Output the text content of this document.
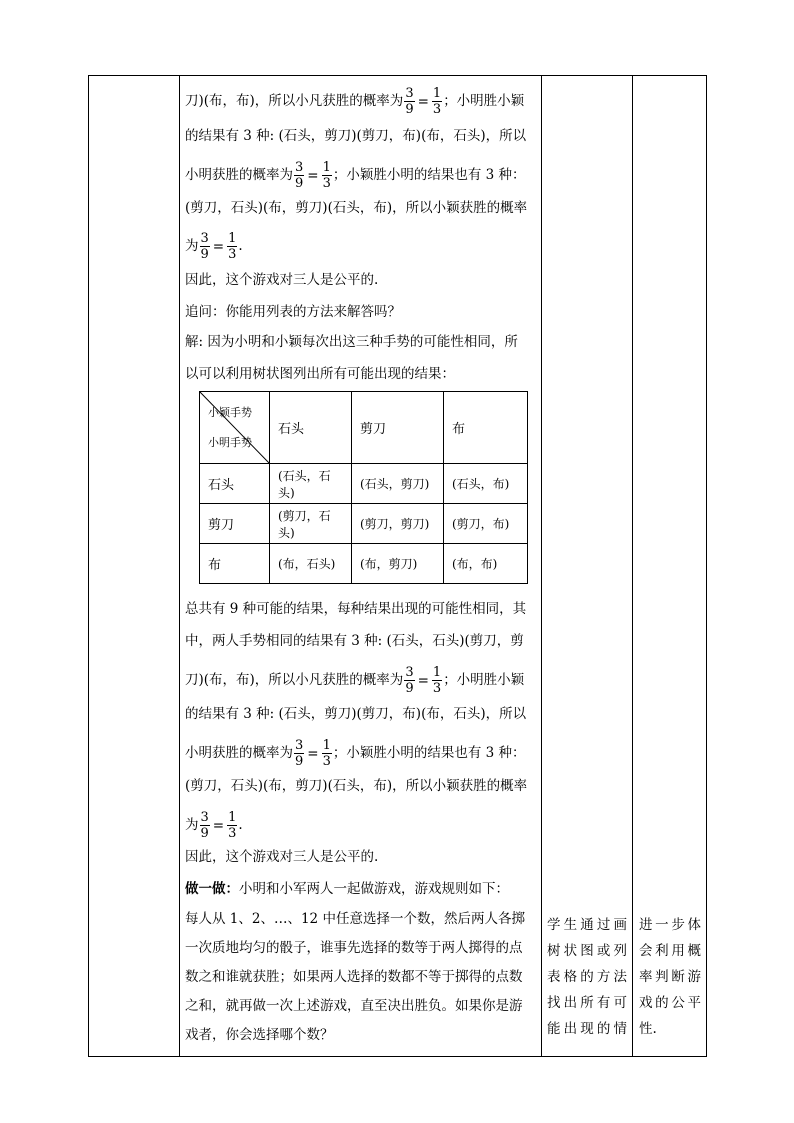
刀)(布，布)，所以小凡获胜的概率为 $\frac{3}{9} = \frac{1}{3}$ ；小明胜小颖
的结果有 3 种: (石头，剪刀)(剪刀，布)(布，石头)，所以
小明获胜的概率为 $\frac{3}{9} = \frac{1}{3}$ ；小颖胜小明的结果也有 3 种：
(剪刀，石头)(布，剪刀)(石头，布)，所以小颖获胜的概率
为 $\frac{3}{9} = \frac{1}{3}$ .
因此，这个游戏对三人是公平的.
追问：你能用列表的方法来解答吗？
解: 因为小明和小颖每次出这三种手势的可能性相同，所
以可以利用树状图列出所有可能出现的结果：
小颖手势
小明手势	石头	剪刀	布
石头	(石头，石头)	(石头，剪刀)	(石头，布)
剪刀	(剪刀，石头)	(剪刀，剪刀)	(剪刀，布)
布	(布，石头)	(布，剪刀)	(布，布)
总共有 9 种可能的结果，每种结果出现的可能性相同，其
中，两人手势相同的结果有 3 种: (石头，石头)(剪刀，剪
刀)(布，布)，所以小凡获胜的概率为 $\frac{3}{9} = \frac{1}{3}$ ；小明胜小颖
的结果有 3 种: (石头，剪刀)(剪刀，布)(布，石头)，所以
小明获胜的概率为 $\frac{3}{9} = \frac{1}{3}$ ；小颖胜小明的结果也有 3 种：
(剪刀，石头)(布，剪刀)(石头，布)，所以小颖获胜的概率
为 $\frac{3}{9} = \frac{1}{3}$ .
因此，这个游戏对三人是公平的.
做一做：小明和小军两人一起做游戏，游戏规则如下：
每人从 1、2、…、12 中任意选择一个数，然后两人各掷
一次质地均匀的骰子，谁事先选择的数等于两人掷得的点
数之和谁就获胜；如果两人选择的数都不等于掷得的点数
之和，就再做一次上述游戏，直至决出胜负。如果你是游
戏者，你会选择哪个数？
学生通过画
树状图或列
表格的方法
找出所有可
能出现的情
进一步体
会利用概
率判断游
戏的公平
性.
